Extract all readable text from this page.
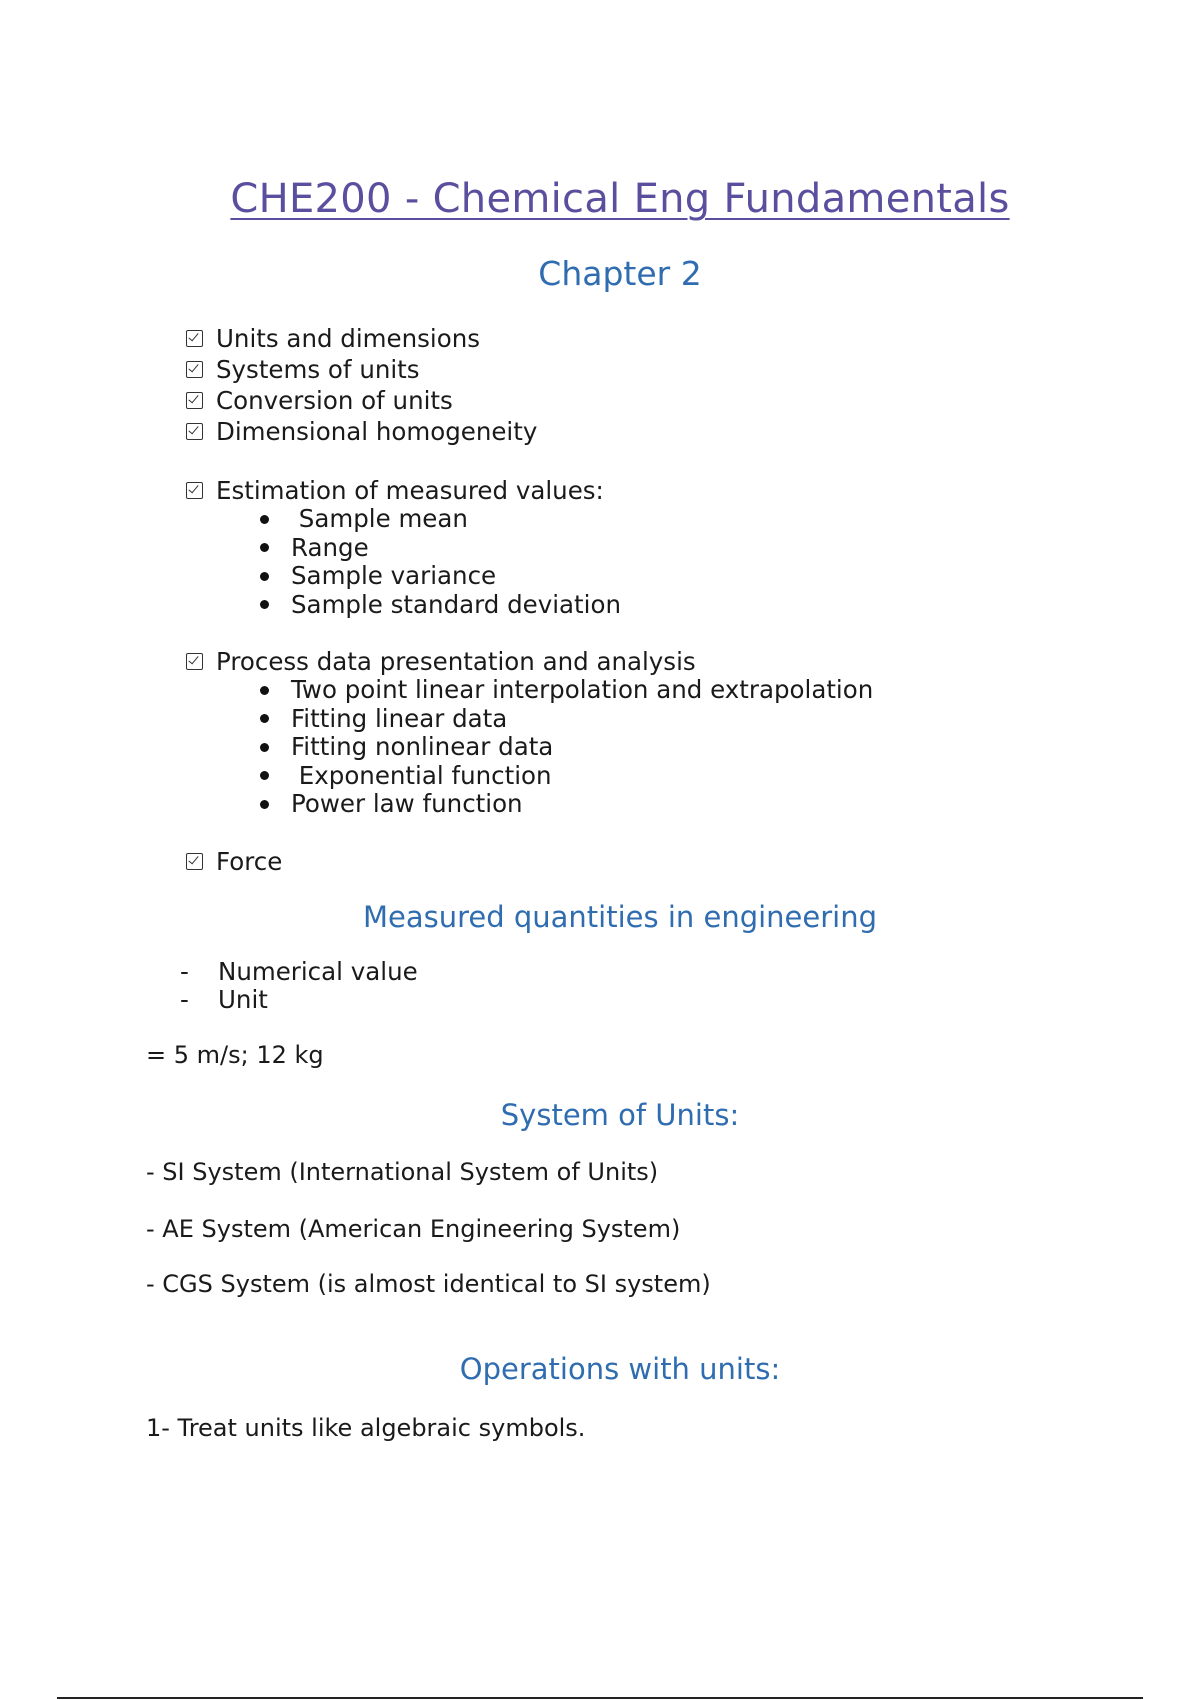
CHE200 - Chemical Eng Fundamentals
Chapter 2
Units and dimensions
Systems of units
Conversion of units
Dimensional homogeneity
Estimation of measured values:
Sample mean
Range
Sample variance
Sample standard deviation
Process data presentation and analysis
Two point linear interpolation and extrapolation
Fitting linear data
Fitting nonlinear data
Exponential function
Power law function
Force
Measured quantities in engineering
- Numerical value
- Unit
= 5 m/s; 12 kg
System of Units:
- SI System (International System of Units)
- AE System (American Engineering System)
- CGS System (is almost identical to SI system)
Operations with units:
1- Treat units like algebraic symbols.
